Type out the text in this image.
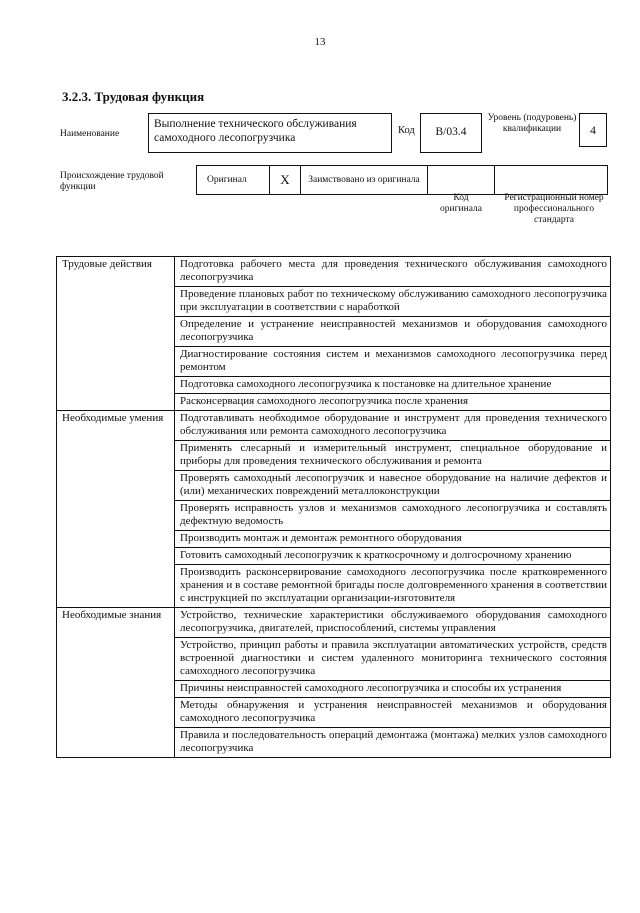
13
3.2.3. Трудовая функция
Наименование
Выполнение технического обслуживания самоходного лесопогрузчика
Код	В/03.4
Уровень (подуровень) квалификации	4
Происхождение трудовой функции
Оригинал	X	Заимствовано из оригинала		
Код оригинала
Регистрационный номер профессионального стандарта
Трудовые действия	Подготовка рабочего места для проведения технического обслуживания самоходного лесопогрузчика
	Проведение плановых работ по техническому обслуживанию самоходного лесопогрузчика при эксплуатации в соответствии с наработкой
	Определение и устранение неисправностей механизмов и оборудования самоходного лесопогрузчика
	Диагностирование состояния систем и механизмов самоходного лесопогрузчика перед ремонтом
	Подготовка самоходного лесопогрузчика к постановке на длительное хранение
	Расконсервация самоходного лесопогрузчика после хранения
Необходимые умения	Подготавливать необходимое оборудование и инструмент для проведения технического обслуживания или ремонта самоходного лесопогрузчика
	Применять слесарный и измерительный инструмент, специальное оборудование и приборы для проведения технического обслуживания и ремонта
	Проверять самоходный лесопогрузчик и навесное оборудование на наличие дефектов и (или) механических повреждений металлоконструкции
	Проверять исправность узлов и механизмов самоходного лесопогрузчика и составлять дефектную ведомость
	Производить монтаж и демонтаж ремонтного оборудования
	Готовить самоходный лесопогрузчик к краткосрочному и долгосрочному хранению
	Производить расконсервирование самоходного лесопогрузчика после кратковременного хранения и в составе ремонтной бригады после долговременного хранения в соответствии с инструкцией по эксплуатации организации-изготовителя
Необходимые знания	Устройство, технические характеристики обслуживаемого оборудования самоходного лесопогрузчика, двигателей, приспособлений, системы управления
	Устройство, принцип работы и правила эксплуатации автоматических устройств, средств встроенной диагностики и систем удаленного мониторинга технического состояния самоходного лесопогрузчика
	Причины неисправностей самоходного лесопогрузчика и способы их устранения
	Методы обнаружения и устранения неисправностей механизмов и оборудования самоходного лесопогрузчика
	Правила и последовательность операций демонтажа (монтажа) мелких узлов самоходного лесопогрузчика
